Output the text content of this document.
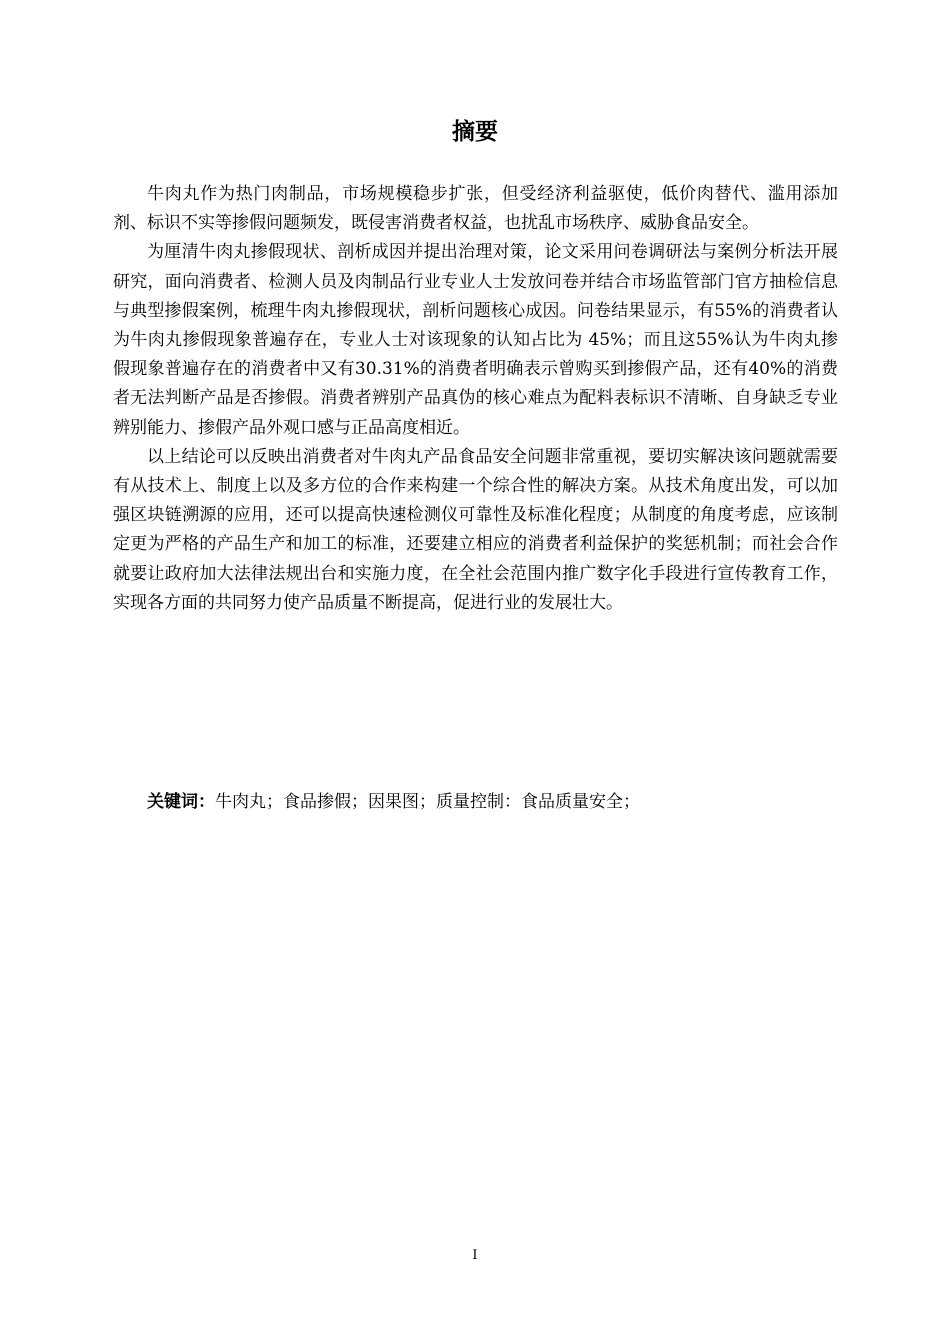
摘要

牛肉丸作为热门肉制品，市场规模稳步扩张，但受经济利益驱使，低价肉替代、滥用添加剂、标识不实等掺假问题频发，既侵害消费者权益，也扰乱市场秩序、威胁食品安全。

为厘清牛肉丸掺假现状、剖析成因并提出治理对策，论文采用问卷调研法与案例分析法开展研究，面向消费者、检测人员及肉制品行业专业人士发放问卷并结合市场监管部门官方抽检信息与典型掺假案例，梳理牛肉丸掺假现状，剖析问题核心成因。问卷结果显示，有55%的消费者认为牛肉丸掺假现象普遍存在，专业人士对该现象的认知占比为 45%；而且这55%认为牛肉丸掺假现象普遍存在的消费者中又有30.31%的消费者明确表示曾购买到掺假产品，还有40%的消费者无法判断产品是否掺假。消费者辨别产品真伪的核心难点为配料表标识不清晰、自身缺乏专业辨别能力、掺假产品外观口感与正品高度相近。

以上结论可以反映出消费者对牛肉丸产品食品安全问题非常重视，要切实解决该问题就需要有从技术上、制度上以及多方位的合作来构建一个综合性的解决方案。从技术角度出发，可以加强区块链溯源的应用，还可以提高快速检测仪可靠性及标准化程度；从制度的角度考虑，应该制定更为严格的产品生产和加工的标准，还要建立相应的消费者利益保护的奖惩机制；而社会合作就要让政府加大法律法规出台和实施力度，在全社会范围内推广数字化手段进行宣传教育工作，实现各方面的共同努力使产品质量不断提高，促进行业的发展壮大。

关键词：牛肉丸；食品掺假；因果图；质量控制：食品质量安全；
I
